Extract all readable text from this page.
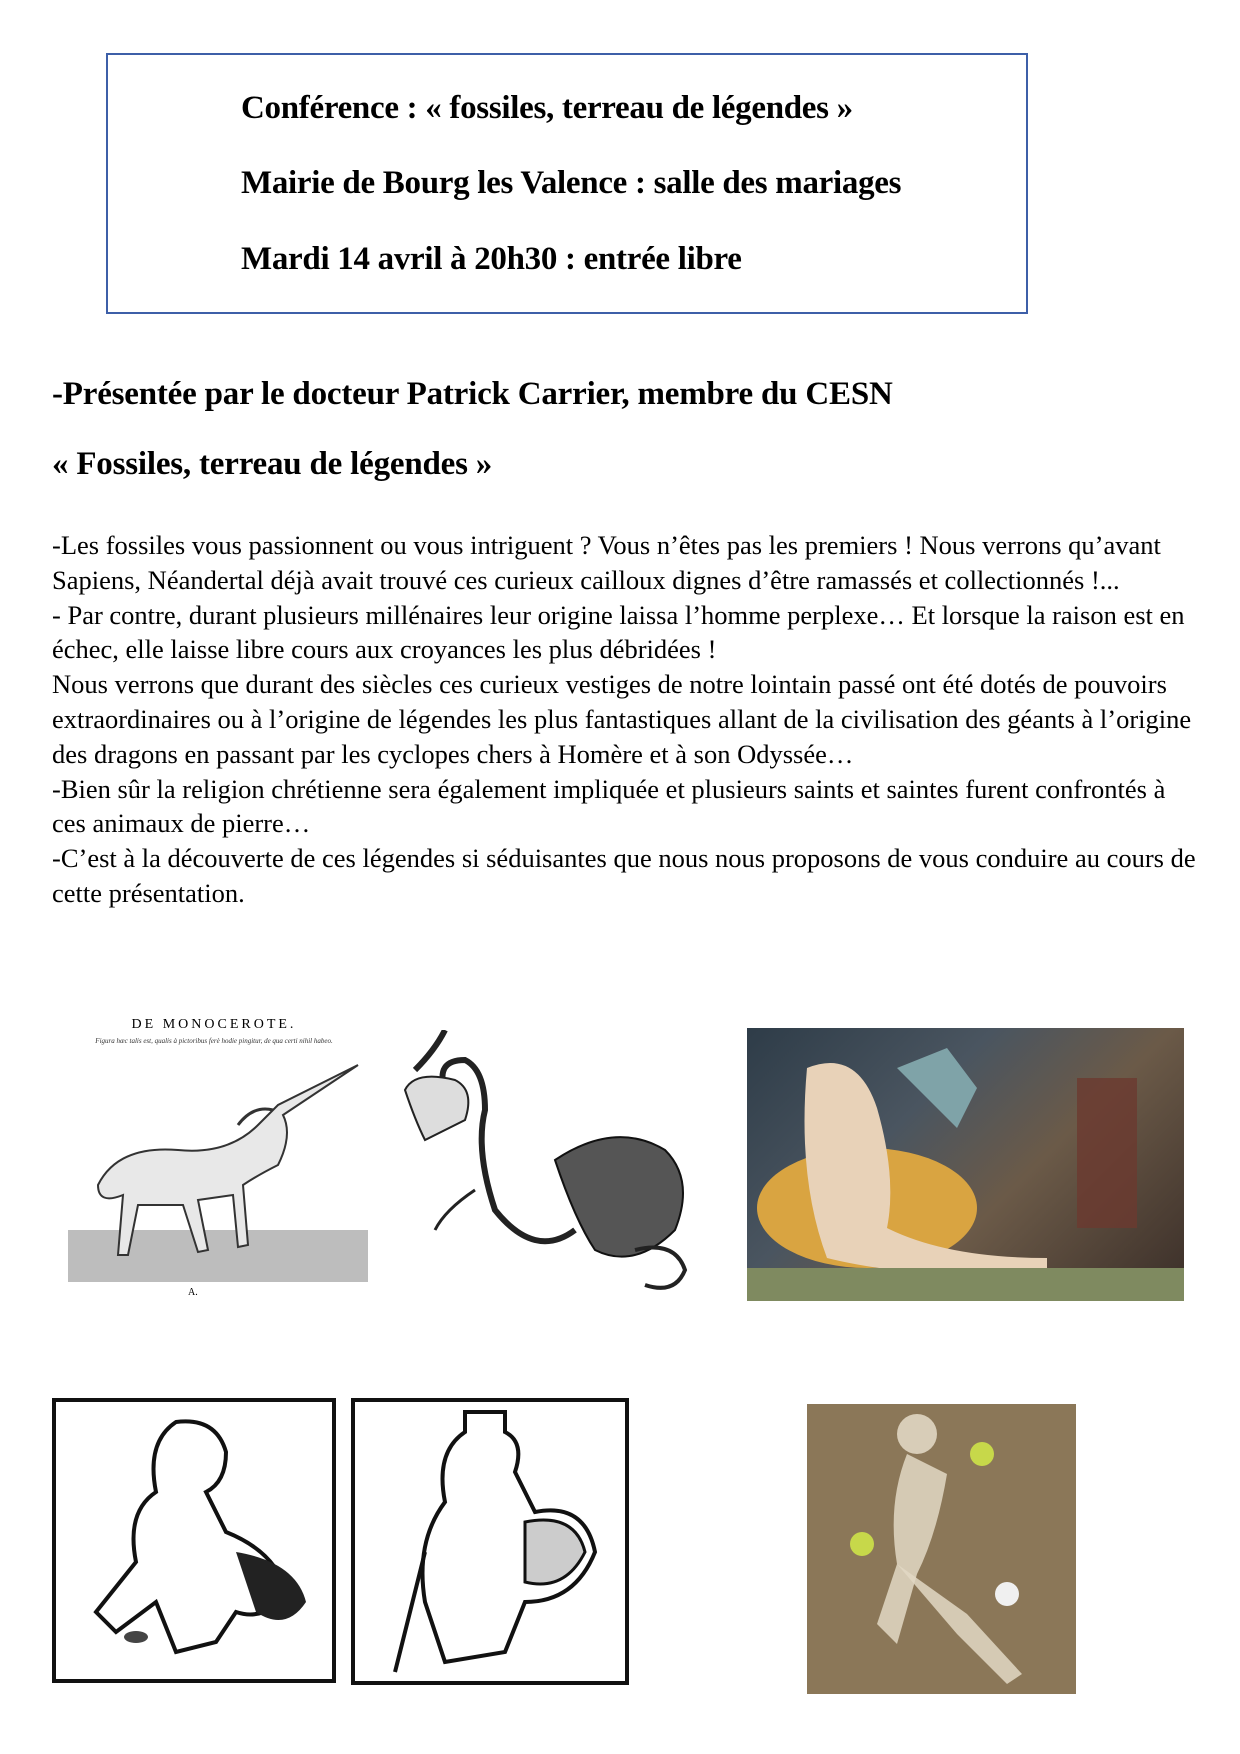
Conférence : « fossiles, terreau de légendes »
Mairie de Bourg les Valence : salle des mariages
Mardi 14 avril à 20h30 : entrée libre
-Présentée par le docteur Patrick Carrier, membre du CESN
« Fossiles, terreau de légendes »

-Les fossiles vous passionnent ou vous intriguent ? Vous n’êtes pas les premiers ! Nous verrons qu’avant Sapiens, Néandertal déjà avait trouvé ces curieux cailloux dignes d’être ramassés et collectionnés !...

- Par contre, durant plusieurs millénaires leur origine laissa l’homme perplexe… Et lorsque la raison est en échec, elle laisse libre cours aux croyances les plus débridées !

Nous verrons que durant des siècles ces curieux vestiges de notre lointain passé ont été dotés de pouvoirs extraordinaires ou à l’origine de légendes les plus fantastiques allant de la civilisation des géants à l’origine des dragons en passant par les cyclopes chers à Homère et à son Odyssée…

-Bien sûr la religion chrétienne sera également impliquée et plusieurs saints et saintes furent confrontés à ces animaux de pierre…

-C’est à la découverte de ces légendes si séduisantes que nous nous proposons de vous conduire au cours de cette présentation.

DE MONOCEROTE.
Figura hæc talis est, qualis à pictoribus ferè hodie pingitur, de qua certi nihil habeo.
A.
